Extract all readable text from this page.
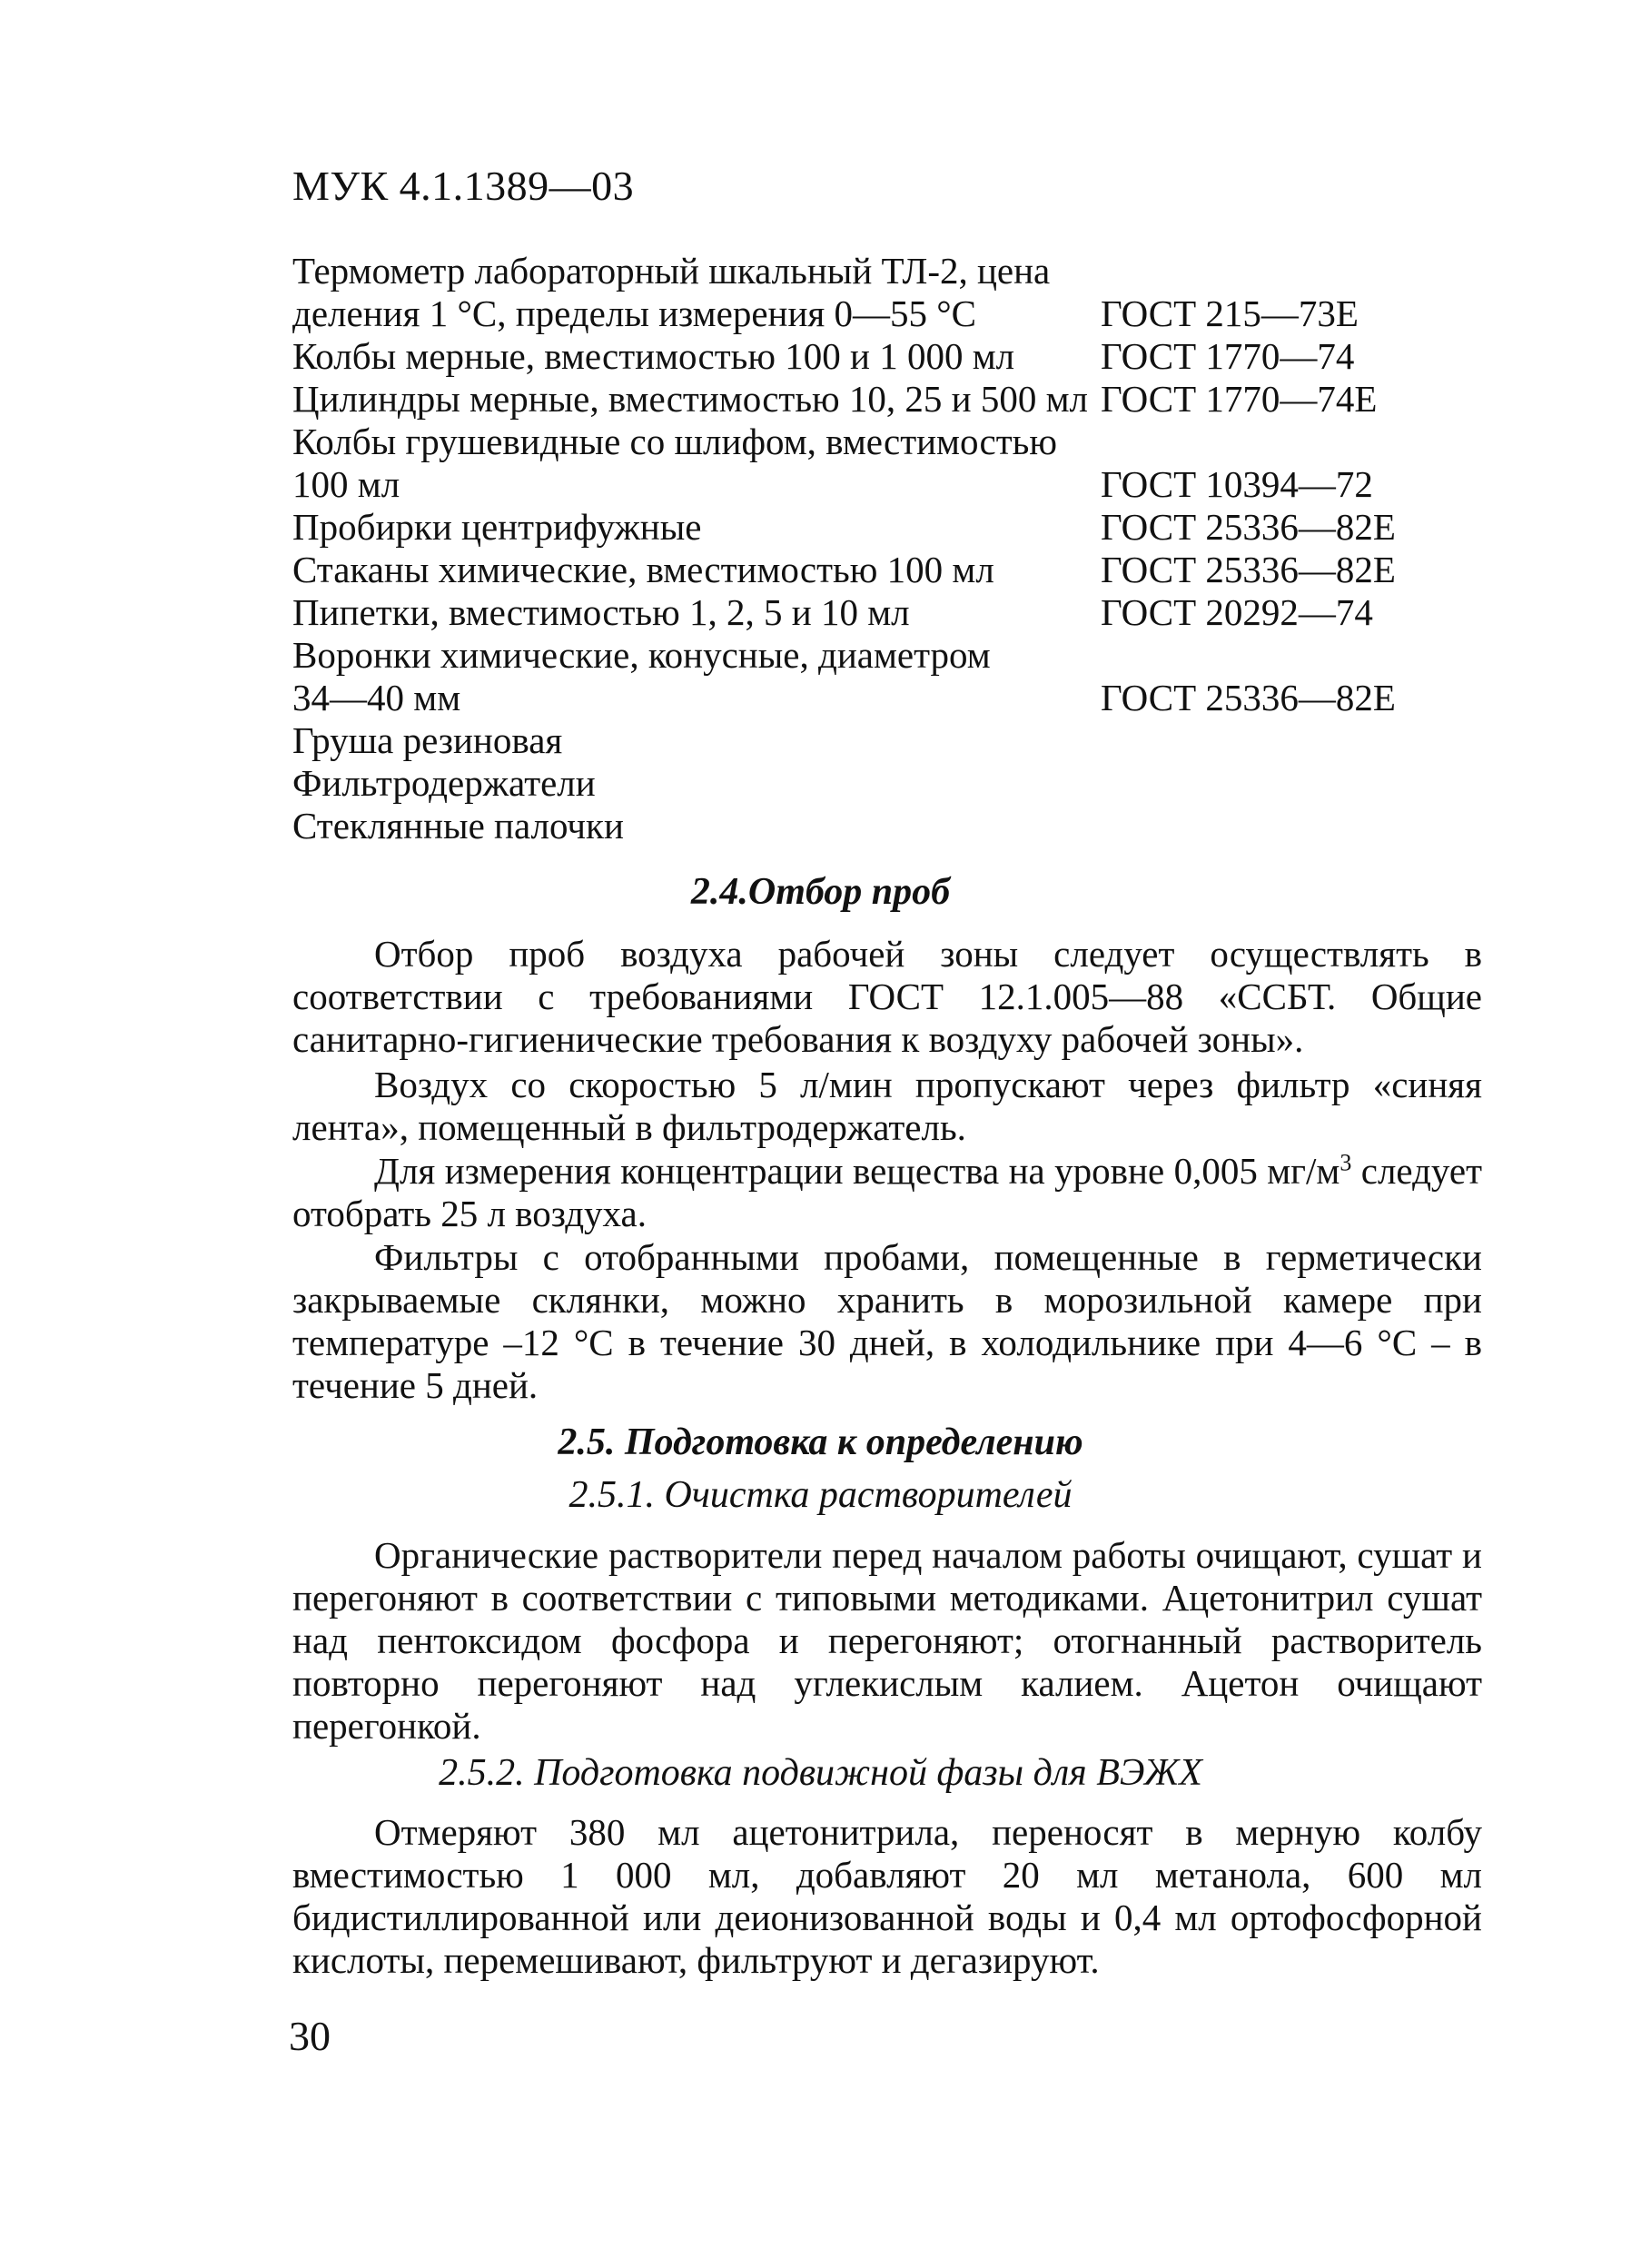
МУК 4.1.1389—03
Термометр лабораторный шкальный ТЛ-2, цена
деления 1 °С, пределы измерения 0—55 °С	ГОСТ 215—73Е
Колбы мерные, вместимостью 100 и 1 000 мл	ГОСТ 1770—74
Цилиндры мерные, вместимостью 10, 25 и 500 мл ГОСТ 1770—74Е
Колбы грушевидные со шлифом, вместимостью
100 мл	ГОСТ 10394—72
Пробирки центрифужные	ГОСТ 25336—82Е
Стаканы химические, вместимостью 100 мл	ГОСТ 25336—82Е
Пипетки, вместимостью 1, 2, 5 и 10 мл	ГОСТ 20292—74
Воронки химические, конусные, диаметром
34—40 мм	ГОСТ 25336—82Е
Груша резиновая
Фильтродержатели
Стеклянные палочки
2.4.Отбор проб

Отбор проб воздуха рабочей зоны следует осуществлять в соответствии с требованиями ГОСТ 12.1.005—88 «ССБТ. Общие санитарно-гигиенические требования к воздуху рабочей зоны».

Воздух со скоростью 5 л/мин пропускают через фильтр «синяя лента», помещенный в фильтродержатель.

Для измерения концентрации вещества на уровне 0,005 $мг/м^3$ следует отобрать 25 л воздуха.

Фильтры с отобранными пробами, помещенные в герметически закрываемые склянки, можно хранить в морозильной камере при температуре –12 °С в течение 30 дней, в холодильнике при 4—6 °С – в течение 5 дней.

2.5. Подготовка к определению
2.5.1. Очистка растворителей

Органические растворители перед началом работы очищают, сушат и перегоняют в соответствии с типовыми методиками. Ацетонитрил сушат над пентоксидом фосфора и перегоняют; отогнанный растворитель повторно перегоняют над углекислым калием. Ацетон очищают перегонкой.

2.5.2. Подготовка подвижной фазы для ВЭЖХ

Отмеряют 380 мл ацетонитрила, переносят в мерную колбу вместимостью 1 000 мл, добавляют 20 мл метанола, 600 мл бидистиллированной или деионизованной воды и 0,4 мл ортофосфорной кислоты, перемешивают, фильтруют и дегазируют.

30
